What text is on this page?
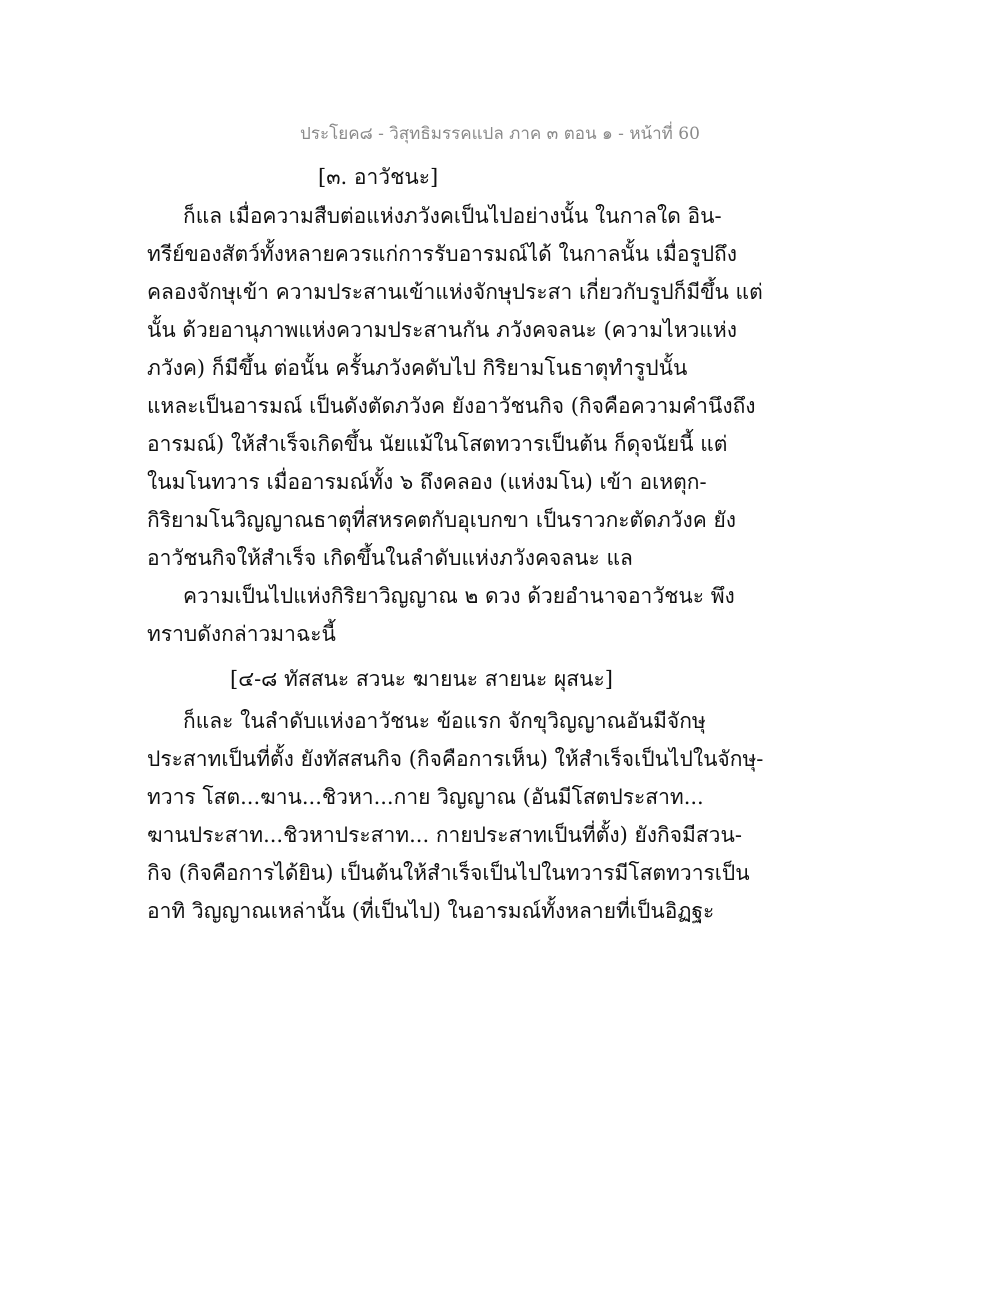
ประโยค๘ - วิสุทธิมรรคแปล ภาค ๓ ตอน ๑ - หน้าที่ 60
[๓. อาวัชนะ]
ก็แล เมื่อความสืบต่อแห่งภวังคเป็นไปอย่างนั้น ในกาลใด อิน-
ทรีย์ของสัตว์ทั้งหลายควรแก่การรับอารมณ์ได้ ในกาลนั้น เมื่อรูปถึง
คลองจักษุเข้า ความประสานเข้าแห่งจักษุประสา เกี่ยวกับรูปก็มีขึ้น แต่
นั้น ด้วยอานุภาพแห่งความประสานกัน ภวังคจลนะ (ความไหวแห่ง
ภวังค) ก็มีขึ้น ต่อนั้น ครั้นภวังคดับไป กิริยามโนธาตุทำรูปนั้น
แหละเป็นอารมณ์ เป็นดังตัดภวังค ยังอาวัชนกิจ (กิจคือความคำนึงถึง
อารมณ์) ให้สำเร็จเกิดขึ้น นัยแม้ในโสตทวารเป็นต้น ก็ดุจนัยนี้ แต่
ในมโนทวาร เมื่ออารมณ์ทั้ง ๖ ถึงคลอง (แห่งมโน) เข้า อเหตุก-
กิริยามโนวิญญาณธาตุที่สหรคตกับอุเบกขา เป็นราวกะตัดภวังค ยัง
อาวัชนกิจให้สำเร็จ เกิดขึ้นในลำดับแห่งภวังคจลนะ แล
ความเป็นไปแห่งกิริยาวิญญาณ ๒ ดวง ด้วยอำนาจอาวัชนะ พึง
ทราบดังกล่าวมาฉะนี้
[๔-๘ ทัสสนะ สวนะ ฆายนะ สายนะ ผุสนะ]
ก็และ ในลำดับแห่งอาวัชนะ ข้อแรก จักขุวิญญาณอันมีจักษุ
ประสาทเป็นที่ตั้ง ยังทัสสนกิจ (กิจคือการเห็น) ให้สำเร็จเป็นไปในจักษุ-
ทวาร โสต...ฆาน...ชิวหา...กาย วิญญาณ (อันมีโสตประสาท...
ฆานประสาท...ชิวหาประสาท... กายประสาทเป็นที่ตั้ง) ยังกิจมีสวน-
กิจ (กิจคือการได้ยิน) เป็นต้นให้สำเร็จเป็นไปในทวารมีโสตทวารเป็น
อาทิ วิญญาณเหล่านั้น (ที่เป็นไป) ในอารมณ์ทั้งหลายที่เป็นอิฏฐะ
